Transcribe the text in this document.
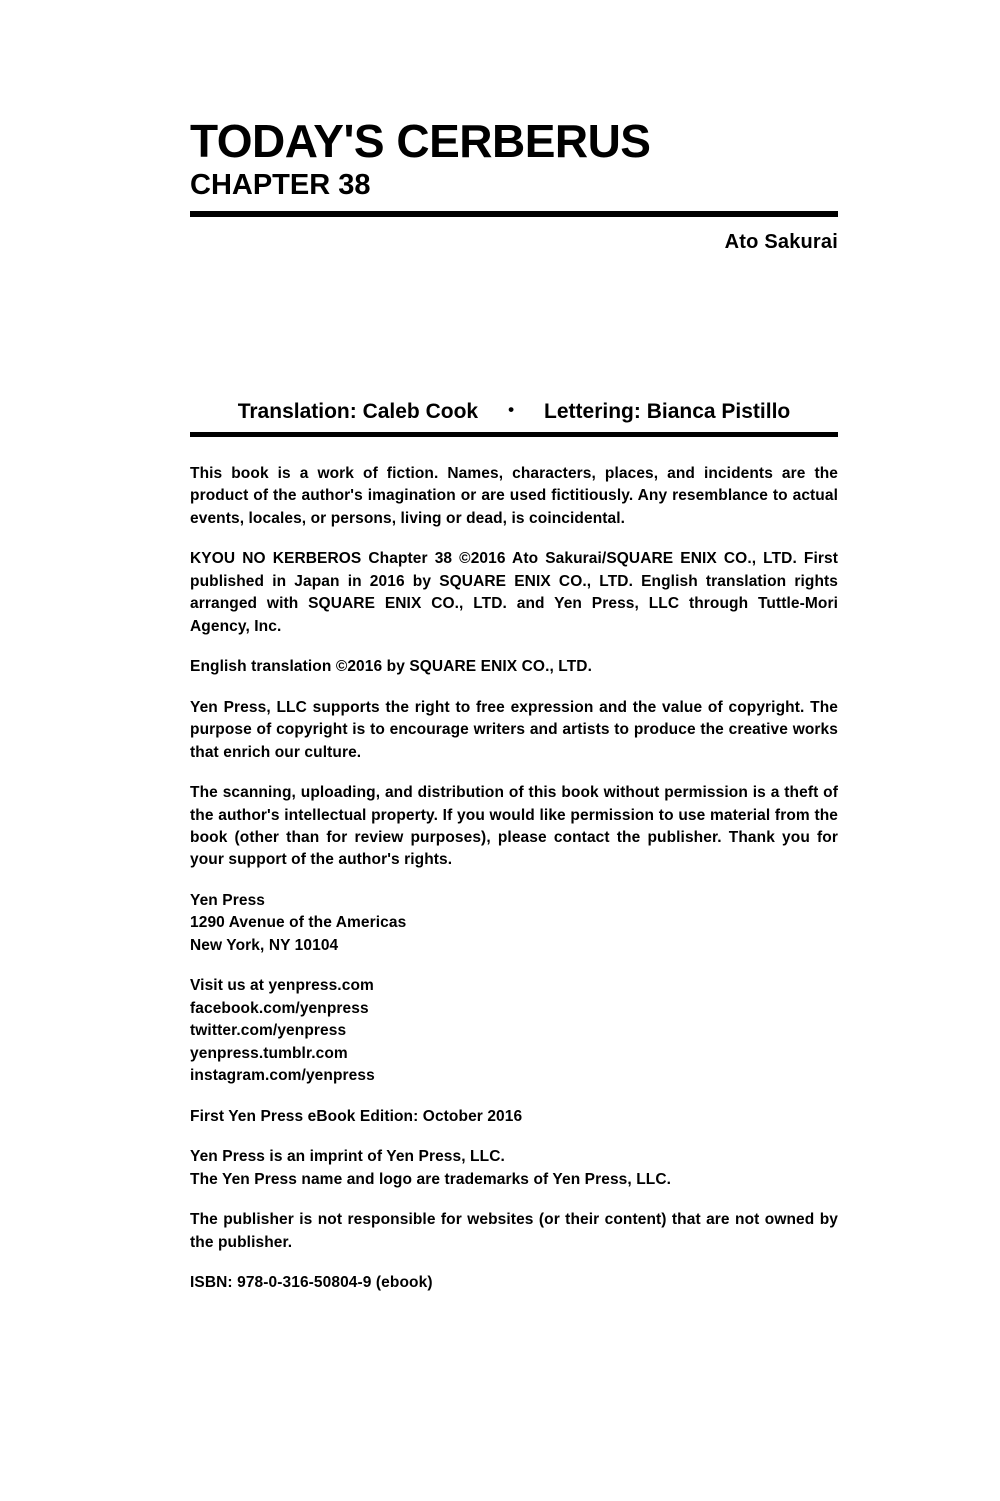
TODAY'S CERBERUS
CHAPTER 38
Ato Sakurai
Translation: Caleb Cook • Lettering: Bianca Pistillo

This book is a work of fiction. Names, characters, places, and incidents are the product of the author's imagination or are used fictitiously. Any resemblance to actual events, locales, or persons, living or dead, is coincidental.

KYOU NO KERBEROS Chapter 38 ©2016 Ato Sakurai/SQUARE ENIX CO., LTD. First published in Japan in 2016 by SQUARE ENIX CO., LTD. English translation rights arranged with SQUARE ENIX CO., LTD. and Yen Press, LLC through Tuttle-Mori Agency, Inc.

English translation ©2016 by SQUARE ENIX CO., LTD.

Yen Press, LLC supports the right to free expression and the value of copyright. The purpose of copyright is to encourage writers and artists to produce the creative works that enrich our culture.

The scanning, uploading, and distribution of this book without permission is a theft of the author's intellectual property. If you would like permission to use material from the book (other than for review purposes), please contact the publisher. Thank you for your support of the author's rights.

Yen Press
1290 Avenue of the Americas
New York, NY 10104

Visit us at yenpress.com
facebook.com/yenpress
twitter.com/yenpress
yenpress.tumblr.com
instagram.com/yenpress

First Yen Press eBook Edition: October 2016

Yen Press is an imprint of Yen Press, LLC.
The Yen Press name and logo are trademarks of Yen Press, LLC.

The publisher is not responsible for websites (or their content) that are not owned by the publisher.

ISBN: 978-0-316-50804-9 (ebook)
